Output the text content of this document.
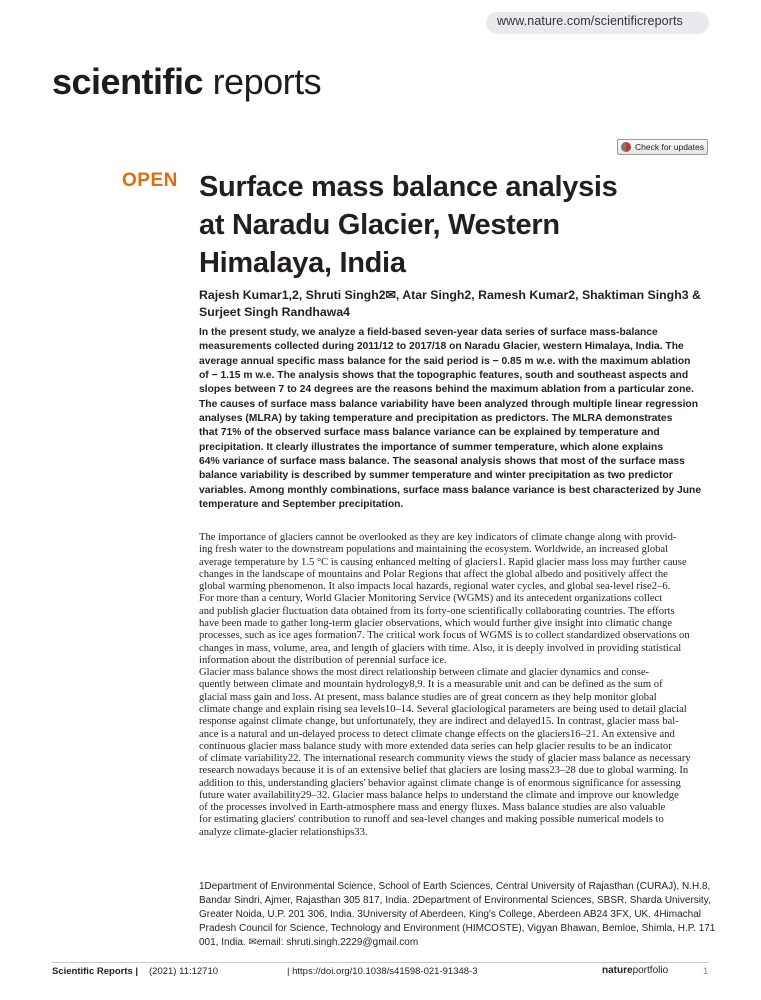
www.nature.com/scientificreports
scientific reports
Check for updates
OPEN Surface mass balance analysis
at Naradu Glacier, Western
Himalaya, India
Rajesh Kumar1,2, Shruti Singh2✉, Atar Singh2, Ramesh Kumar2, Shaktiman Singh3 &
Surjeet Singh Randhawa4
In the present study, we analyze a field-based seven-year data series of surface mass-balance
measurements collected during 2011/12 to 2017/18 on Naradu Glacier, western Himalaya, India. The
average annual specific mass balance for the said period is − 0.85 m w.e. with the maximum ablation
of − 1.15 m w.e. The analysis shows that the topographic features, south and southeast aspects and
slopes between 7 to 24 degrees are the reasons behind the maximum ablation from a particular zone.
The causes of surface mass balance variability have been analyzed through multiple linear regression
analyses (MLRA) by taking temperature and precipitation as predictors. The MLRA demonstrates
that 71% of the observed surface mass balance variance can be explained by temperature and
precipitation. It clearly illustrates the importance of summer temperature, which alone explains
64% variance of surface mass balance. The seasonal analysis shows that most of the surface mass
balance variability is described by summer temperature and winter precipitation as two predictor
variables. Among monthly combinations, surface mass balance variance is best characterized by June
temperature and September precipitation.
The importance of glaciers cannot be overlooked as they are key indicators of climate change along with provid-
ing fresh water to the downstream populations and maintaining the ecosystem. Worldwide, an increased global
average temperature by 1.5 °C is causing enhanced melting of glaciers1. Rapid glacier mass loss may further cause
changes in the landscape of mountains and Polar Regions that affect the global albedo and positively affect the
global warming phenomenon. It also impacts local hazards, regional water cycles, and global sea-level rise2–6.
For more than a century, World Glacier Monitoring Service (WGMS) and its antecedent organizations collect
and publish glacier fluctuation data obtained from its forty-one scientifically collaborating countries. The efforts
have been made to gather long-term glacier observations, which would further give insight into climatic change
processes, such as ice ages formation7. The critical work focus of WGMS is to collect standardized observations on
changes in mass, volume, area, and length of glaciers with time. Also, it is deeply involved in providing statistical
information about the distribution of perennial surface ice.
Glacier mass balance shows the most direct relationship between climate and glacier dynamics and conse-
quently between climate and mountain hydrology8,9. It is a measurable unit and can be defined as the sum of
glacial mass gain and loss. At present, mass balance studies are of great concern as they help monitor global
climate change and explain rising sea levels10–14. Several glaciological parameters are being used to detail glacial
response against climate change, but unfortunately, they are indirect and delayed15. In contrast, glacier mass bal-
ance is a natural and un-delayed process to detect climate change effects on the glaciers16–21. An extensive and
continuous glacier mass balance study with more extended data series can help glacier results to be an indicator
of climate variability22. The international research community views the study of glacier mass balance as necessary
research nowadays because it is of an extensive belief that glaciers are losing mass23–28 due to global warming. In
addition to this, understanding glaciers' behavior against climate change is of enormous significance for assessing
future water availability29–32. Glacier mass balance helps to understand the climate and improve our knowledge
of the processes involved in Earth-atmosphere mass and energy fluxes. Mass balance studies are also valuable
for estimating glaciers' contribution to runoff and sea-level changes and making possible numerical models to
analyze climate-glacier relationships33.
1Department of Environmental Science, School of Earth Sciences, Central University of Rajasthan (CURAJ), N.H.8,
Bandar Sindri, Ajmer, Rajasthan 305 817, India. 2Department of Environmental Sciences, SBSR, Sharda University,
Greater Noida, U.P. 201 306, India. 3University of Aberdeen, King's College, Aberdeen AB24 3FX, UK. 4Himachal
Pradesh Council for Science, Technology and Environment (HIMCOSTE), Vigyan Bhawan, Bemloe, Shimla, H.P. 171
001, India. ✉email: shruti.singh.2229@gmail.com
Scientific Reports | (2021) 11:12710	| https://doi.org/10.1038/s41598-021-91348-3	natureportfolio	1
